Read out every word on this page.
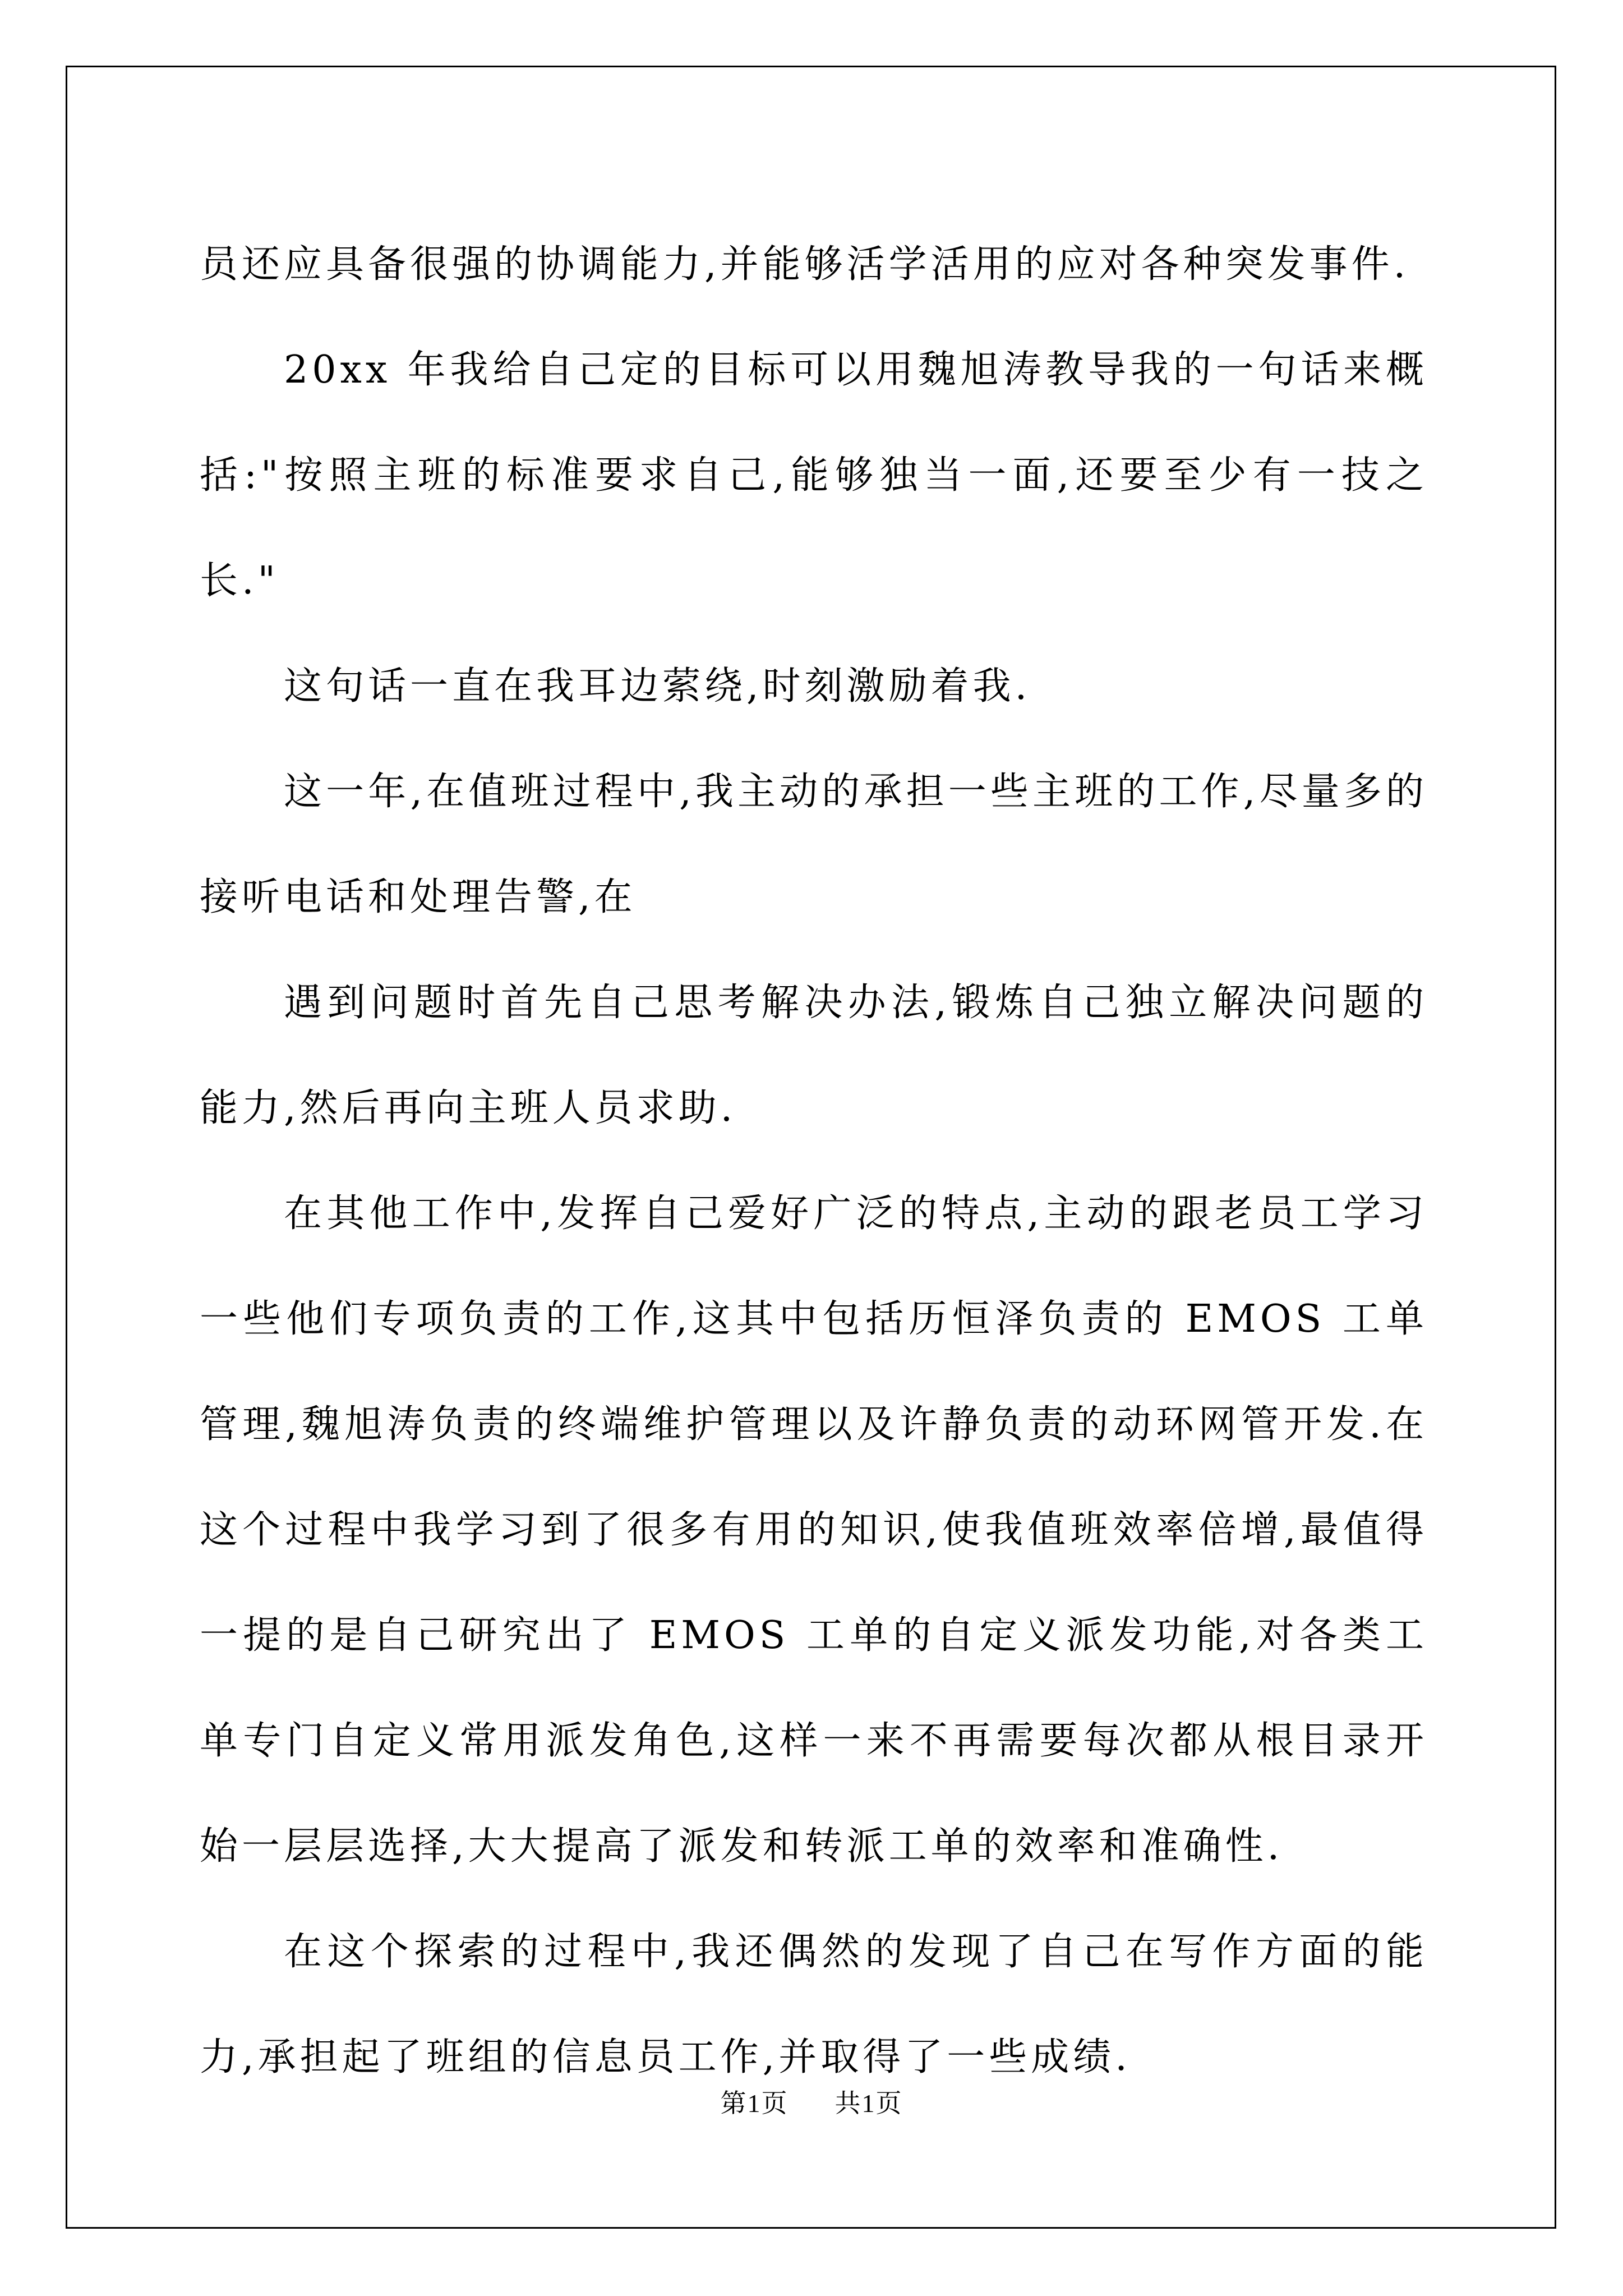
员还应具备很强的协调能力,并能够活学活用的应对各种突发事件.

20xx 年我给自己定的目标可以用魏旭涛教导我的一句话来概括:"按照主班的标准要求自己,能够独当一面,还要至少有一技之长."

这句话一直在我耳边萦绕,时刻激励着我.

这一年,在值班过程中,我主动的承担一些主班的工作,尽量多的接听电话和处理告警,在

遇到问题时首先自己思考解决办法,锻炼自己独立解决问题的能力,然后再向主班人员求助.

在其他工作中,发挥自己爱好广泛的特点,主动的跟老员工学习一些他们专项负责的工作,这其中包括历恒泽负责的 EMOS 工单管理,魏旭涛负责的终端维护管理以及许静负责的动环网管开发.在这个过程中我学习到了很多有用的知识,使我值班效率倍增,最值得一提的是自己研究出了 EMOS 工单的自定义派发功能,对各类工单专门自定义常用派发角色,这样一来不再需要每次都从根目录开始一层层选择,大大提高了派发和转派工单的效率和准确性.

在这个探索的过程中,我还偶然的发现了自己在写作方面的能力,承担起了班组的信息员工作,并取得了一些成绩.

第1页 共1页
